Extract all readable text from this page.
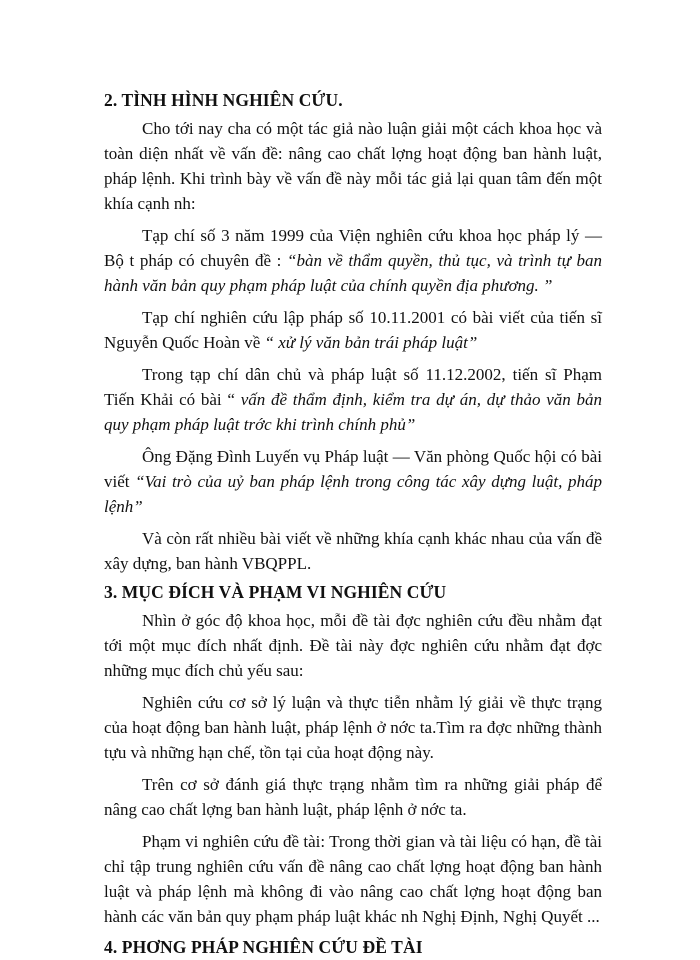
2. TÌNH HÌNH NGHIÊN CỨU.

Cho tới nay cha có một tác giả nào luận giải một cách khoa học và toàn diện nhất về vấn đề: nâng cao chất lợng hoạt động ban hành luật, pháp lệnh. Khi trình bày về vấn đề này mỗi tác giả lại quan tâm đến một khía cạnh nh:

Tạp chí số 3 năm 1999 của Viện nghiên cứu khoa học pháp lý — Bộ t pháp có chuyên đề : “bàn về thẩm quyền, thủ tục, và trình tự ban hành văn bản quy phạm pháp luật của chính quyền địa phương. ”

Tạp chí nghiên cứu lập pháp số 10.11.2001 có bài viết của tiến sĩ Nguyễn Quốc Hoàn về “ xử lý văn bản trái pháp luật”

Trong tạp chí dân chủ và pháp luật số 11.12.2002, tiến sĩ Phạm Tiến Khải có bài “ vấn đề thẩm định, kiểm tra dự án, dự thảo văn bản quy phạm pháp luật trớc khi trình chính phủ”

Ông Đặng Đình Luyến vụ Pháp luật — Văn phòng Quốc hội có bài viết “Vai trò của uỷ ban pháp lệnh trong công tác xây dựng luật, pháp lệnh”

Và còn rất nhiều bài viết về những khía cạnh khác nhau của vấn đề xây dựng, ban hành VBQPPL.

3. MỤC ĐÍCH VÀ PHẠM VI NGHIÊN CỨU

Nhìn ở góc độ khoa học, mỗi đề tài đợc nghiên cứu đều nhằm đạt tới một mục đích nhất định. Đề tài này đợc nghiên cứu nhằm đạt đợc những mục đích chủ yếu sau:

Nghiên cứu cơ sở lý luận và thực tiễn nhằm lý giải về thực trạng của hoạt động ban hành luật, pháp lệnh ở nớc ta.Tìm ra đợc những thành tựu và những hạn chế, tồn tại của hoạt động này.

Trên cơ sở đánh giá thực trạng nhằm tìm ra những giải pháp để nâng cao chất lợng ban hành luật, pháp lệnh ở nớc ta.

Phạm vi nghiên cứu đề tài: Trong thời gian và tài liệu có hạn, đề tài chỉ tập trung nghiên cứu vấn đề nâng cao chất lợng hoạt động ban hành luật và pháp lệnh mà không đi vào nâng cao chất lợng hoạt động ban hành các văn bản quy phạm pháp luật khác nh Nghị Định, Nghị Quyết ...

4. PHƠNG PHÁP NGHIÊN CỨU ĐỀ TÀI
